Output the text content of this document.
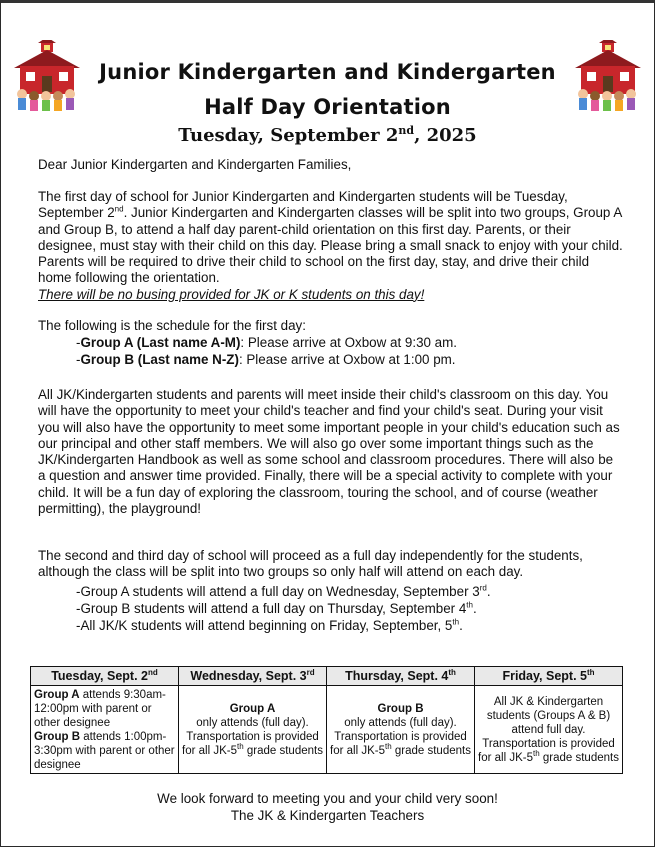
Junior Kindergarten and Kindergarten
Half Day Orientation
Tuesday, September 2nd, 2025
Dear Junior Kindergarten and Kindergarten Families,
The first day of school for Junior Kindergarten and Kindergarten students will be Tuesday, September 2nd. Junior Kindergarten and Kindergarten classes will be split into two groups, Group A and Group B, to attend a half day parent-child orientation on this first day. Parents, or their designee, must stay with their child on this day. Please bring a small snack to enjoy with your child. Parents will be required to drive their child to school on the first day, stay, and drive their child home following the orientation.
There will be no busing provided for JK or K students on this day!
The following is the schedule for the first day:
-Group A (Last name A-M): Please arrive at Oxbow at 9:30 am.
-Group B (Last name N-Z): Please arrive at Oxbow at 1:00 pm.
All JK/Kindergarten students and parents will meet inside their child's classroom on this day. You will have the opportunity to meet your child's teacher and find your child's seat. During your visit you will also have the opportunity to meet some important people in your child's education such as our principal and other staff members. We will also go over some important things such as the JK/Kindergarten Handbook as well as some school and classroom procedures. There will also be a question and answer time provided. Finally, there will be a special activity to complete with your child. It will be a fun day of exploring the classroom, touring the school, and of course (weather permitting), the playground!
The second and third day of school will proceed as a full day independently for the students, although the class will be split into two groups so only half will attend on each day.
-Group A students will attend a full day on Wednesday, September 3rd.
-Group B students will attend a full day on Thursday, September 4th.
-All JK/K students will attend beginning on Friday, September, 5th.
Tuesday, Sept. 2nd	Wednesday, Sept. 3rd	Thursday, Sept. 4th	Friday, Sept. 5th
Group A attends 9:30am-12:00pm with parent or other designee
Group B attends 1:00pm-3:30pm with parent or other designee	Group A
only attends (full day).
Transportation is provided
for all JK-5th grade students	Group B
only attends (full day).
Transportation is provided
for all JK-5th grade students	All JK & Kindergarten students (Groups A & B) attend full day.
Transportation is provided
for all JK-5th grade students
We look forward to meeting you and your child very soon!
The JK & Kindergarten Teachers
